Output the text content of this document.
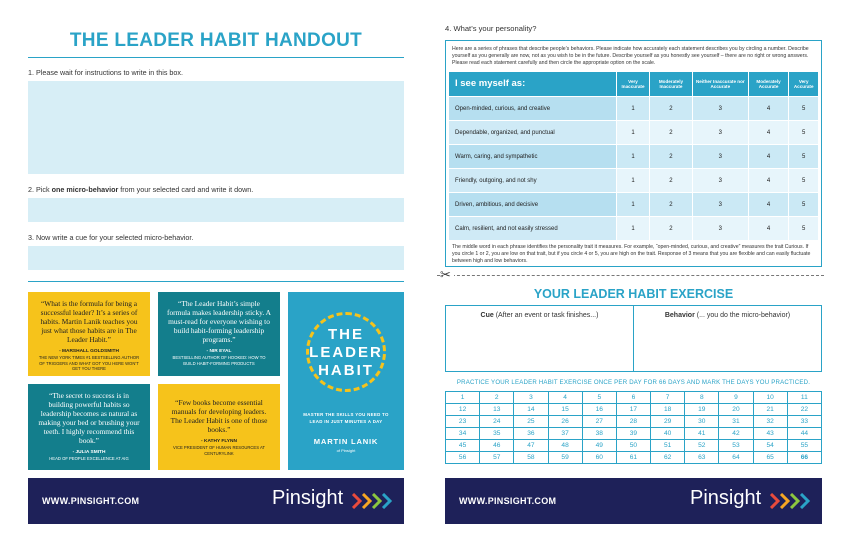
THE LEADER HABIT HANDOUT
1. Please wait for instructions to write in this box.
2. Pick one micro-behavior from your selected card and write it down.
3. Now write a cue for your selected micro-behavior.
“What is the formula for being a successful leader? It’s a series of habits. Martin Lanik teaches you just what those habits are in The Leader Habit.”
- MARSHALL GOLDSMITH
THE NEW YORK TIMES #1 BESTSELLING AUTHOR OF TRIGGERS AND WHAT GOT YOU HERE WON’T GET YOU THERE
“The Leader Habit’s simple formula makes leadership sticky. A must-read for everyone wishing to build habit-forming leadership programs.”
- NIR EYAL
BESTSELLING AUTHOR OF HOOKED: HOW TO BUILD HABIT-FORMING PRODUCTS
“The secret to success is in building powerful habits so leadership becomes as natural as making your bed or brushing your teeth. I highly recommend this book.”
- JULIA SMITH
HEAD OF PEOPLE EXCELLENCE AT AIG
“Few books become essential manuals for developing leaders. The Leader Habit is one of those books.”
- KATHY FLYNN
VICE PRESIDENT OF HUMAN RESOURCES AT CENTURYLINK
THE
LEADER
HABIT
MASTER THE SKILLS YOU NEED TO LEAD IN JUST MINUTES A DAY
MARTIN LANIK
of Pinsight
WWW.PINSIGHT.COM	Pinsight
4. What’s your personality?
Here are a series of phrases that describe people’s behaviors. Please indicate how accurately each statement describes you by circling a number. Describe yourself as you generally are now, not as you wish to be in the future. Describe yourself as you honestly see yourself – there are no right or wrong answers. Please read each statement carefully and then circle the appropriate option on the scale.
I see myself as:	Very Inaccurate	Moderately Inaccurate	Neither Inaccurate nor Accurate	Moderately Accurate	Very Accurate
Open-minded, curious, and creative	1	2	3	4	5
Dependable, organized, and punctual	1	2	3	4	5
Warm, caring, and sympathetic	1	2	3	4	5
Friendly, outgoing, and not shy	1	2	3	4	5
Driven, ambitious, and decisive	1	2	3	4	5
Calm, resilient, and not easily stressed	1	2	3	4	5
The middle word in each phrase identifies the personality trait it measures. For example, “open-minded, curious, and creative” measures the trait Curious. If you circle 1 or 2, you are low on that trait, but if you circle 4 or 5, you are high on the trait. Response of 3 means that you are flexible and can easily fluctuate between high and low behaviors.
✂
YOUR LEADER HABIT EXERCISE
Cue (After an event or task finishes...)	Behavior (... you do the micro-behavior)
PRACTICE YOUR LEADER HABIT EXERCISE ONCE PER DAY FOR 66 DAYS AND MARK THE DAYS YOU PRACTICED.
1	2	3	4	5	6	7	8	9	10	11
12	13	14	15	16	17	18	19	20	21	22
23	24	25	26	27	28	29	30	31	32	33
34	35	36	37	38	39	40	41	42	43	44
45	46	47	48	49	50	51	52	53	54	55
56	57	58	59	60	61	62	63	64	65	66
WWW.PINSIGHT.COM	Pinsight
